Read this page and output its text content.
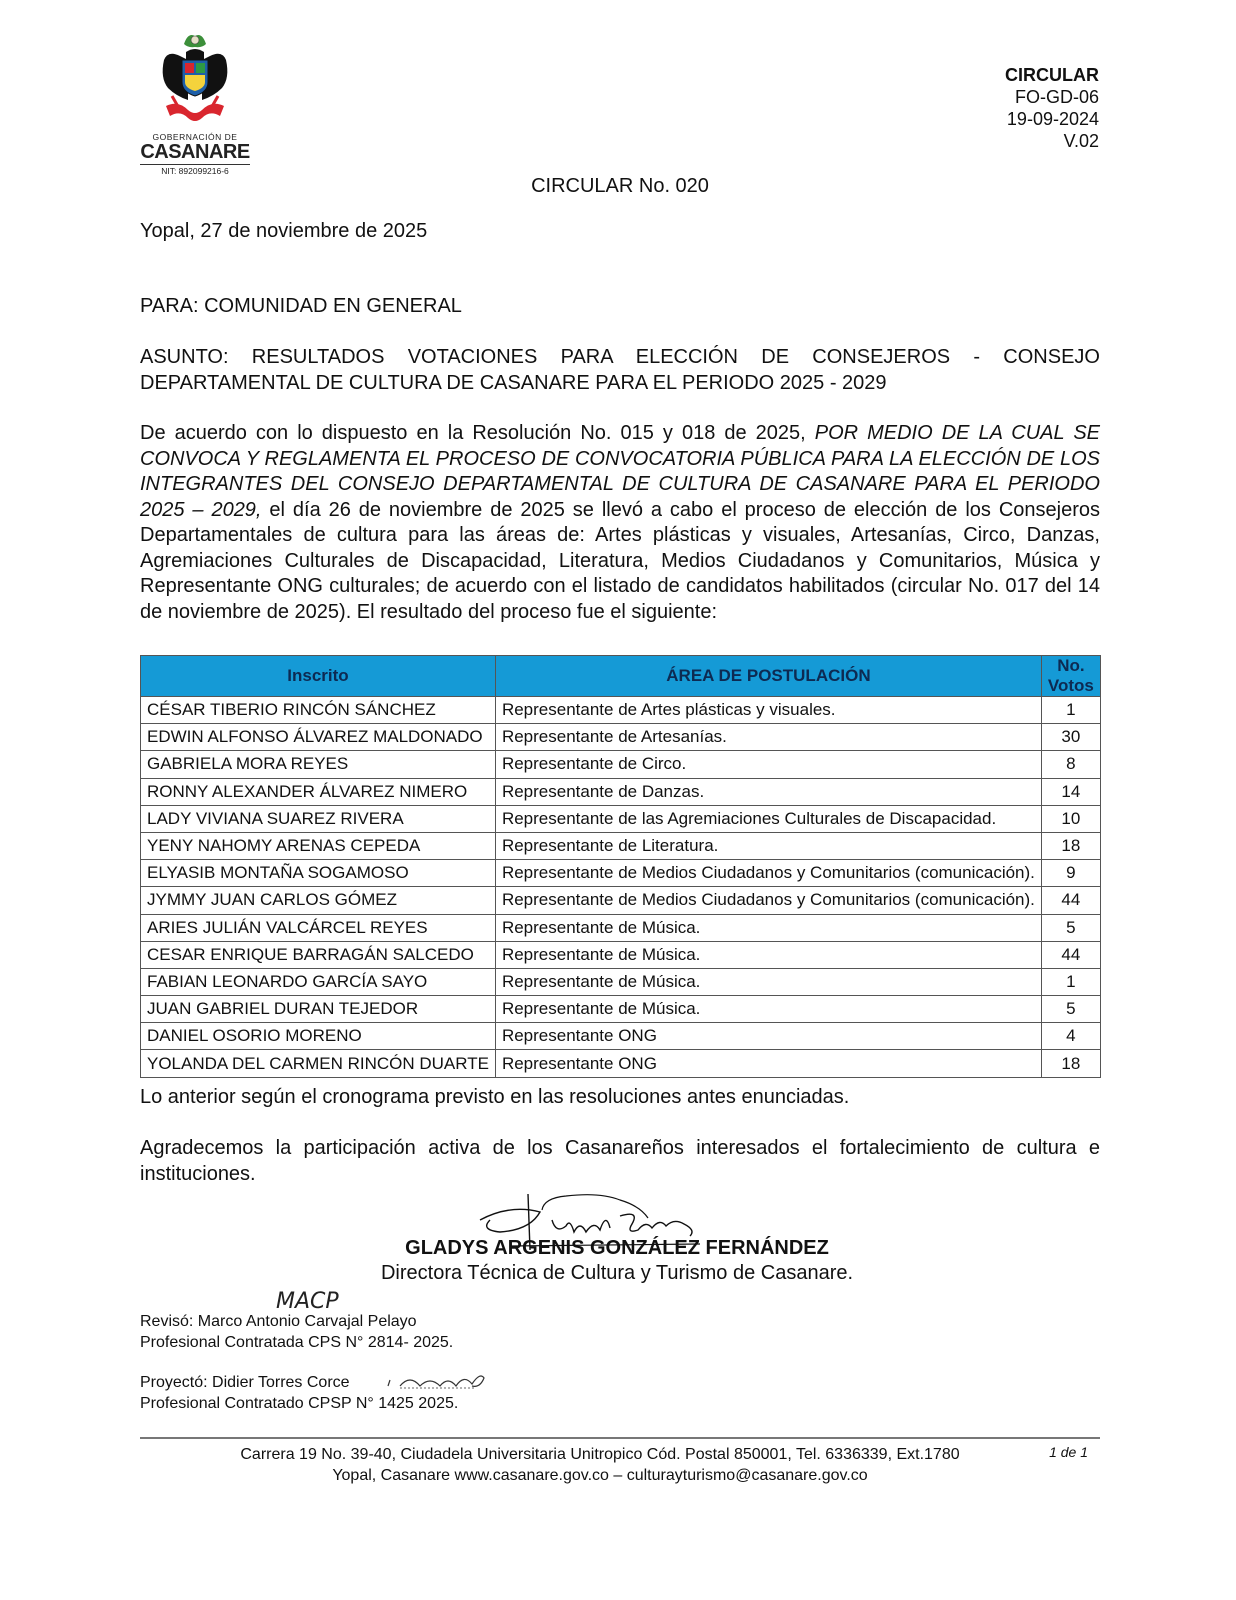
GOBERNACIÓN DE
CASANARE
NIT: 892099216-6
CIRCULAR
FO-GD-06
19-09-2024
V.02
CIRCULAR No. 020
Yopal, 27 de noviembre de 2025
PARA: COMUNIDAD EN GENERAL
ASUNTO: RESULTADOS VOTACIONES PARA ELECCIÓN DE CONSEJEROS - CONSEJO DEPARTAMENTAL DE CULTURA DE CASANARE PARA EL PERIODO 2025 - 2029
De acuerdo con lo dispuesto en la Resolución No. 015 y 018 de 2025, POR MEDIO DE LA CUAL SE CONVOCA Y REGLAMENTA EL PROCESO DE CONVOCATORIA PÚBLICA PARA LA ELECCIÓN DE LOS INTEGRANTES DEL CONSEJO DEPARTAMENTAL DE CULTURA DE CASANARE PARA EL PERIODO 2025 – 2029, el día 26 de noviembre de 2025 se llevó a cabo el proceso de elección de los Consejeros Departamentales de cultura para las áreas de: Artes plásticas y visuales, Artesanías, Circo, Danzas, Agremiaciones Culturales de Discapacidad, Literatura, Medios Ciudadanos y Comunitarios, Música y Representante ONG culturales; de acuerdo con el listado de candidatos habilitados (circular No. 017 del 14 de noviembre de 2025). El resultado del proceso fue el siguiente:
Inscrito	ÁREA DE POSTULACIÓN	No. Votos
CÉSAR TIBERIO RINCÓN SÁNCHEZ	Representante de Artes plásticas y visuales.	1
EDWIN ALFONSO ÁLVAREZ MALDONADO	Representante de Artesanías.	30
GABRIELA MORA REYES	Representante de Circo.	8
RONNY ALEXANDER ÁLVAREZ NIMERO	Representante de Danzas.	14
LADY VIVIANA SUAREZ RIVERA	Representante de las Agremiaciones Culturales de Discapacidad.	10
YENY NAHOMY ARENAS CEPEDA	Representante de Literatura.	18
ELYASIB MONTAÑA SOGAMOSO	Representante de Medios Ciudadanos y Comunitarios (comunicación).	9
JYMMY JUAN CARLOS GÓMEZ	Representante de Medios Ciudadanos y Comunitarios (comunicación).	44
ARIES JULIÁN VALCÁRCEL REYES	Representante de Música.	5
CESAR ENRIQUE BARRAGÁN SALCEDO	Representante de Música.	44
FABIAN LEONARDO GARCÍA SAYO	Representante de Música.	1
JUAN GABRIEL DURAN TEJEDOR	Representante de Música.	5
DANIEL OSORIO MORENO	Representante ONG	4
YOLANDA DEL CARMEN RINCÓN DUARTE	Representante ONG	18
Lo anterior según el cronograma previsto en las resoluciones antes enunciadas.
Agradecemos la participación activa de los Casanareños interesados el fortalecimiento de cultura e instituciones.
GLADYS ARGENIS GONZÁLEZ FERNÁNDEZ
Directora Técnica de Cultura y Turismo de Casanare.
MACP
Revisó: Marco Antonio Carvajal Pelayo
Profesional Contratada CPS N° 2814- 2025.
Proyectó: Didier Torres Corce
Profesional Contratado CPSP N° 1425 2025.
Carrera 19 No. 39-40, Ciudadela Universitaria Unitropico Cód. Postal 850001, Tel. 6336339, Ext.1780
Yopal, Casanare www.casanare.gov.co – culturayturismo@casanare.gov.co
1 de 1
